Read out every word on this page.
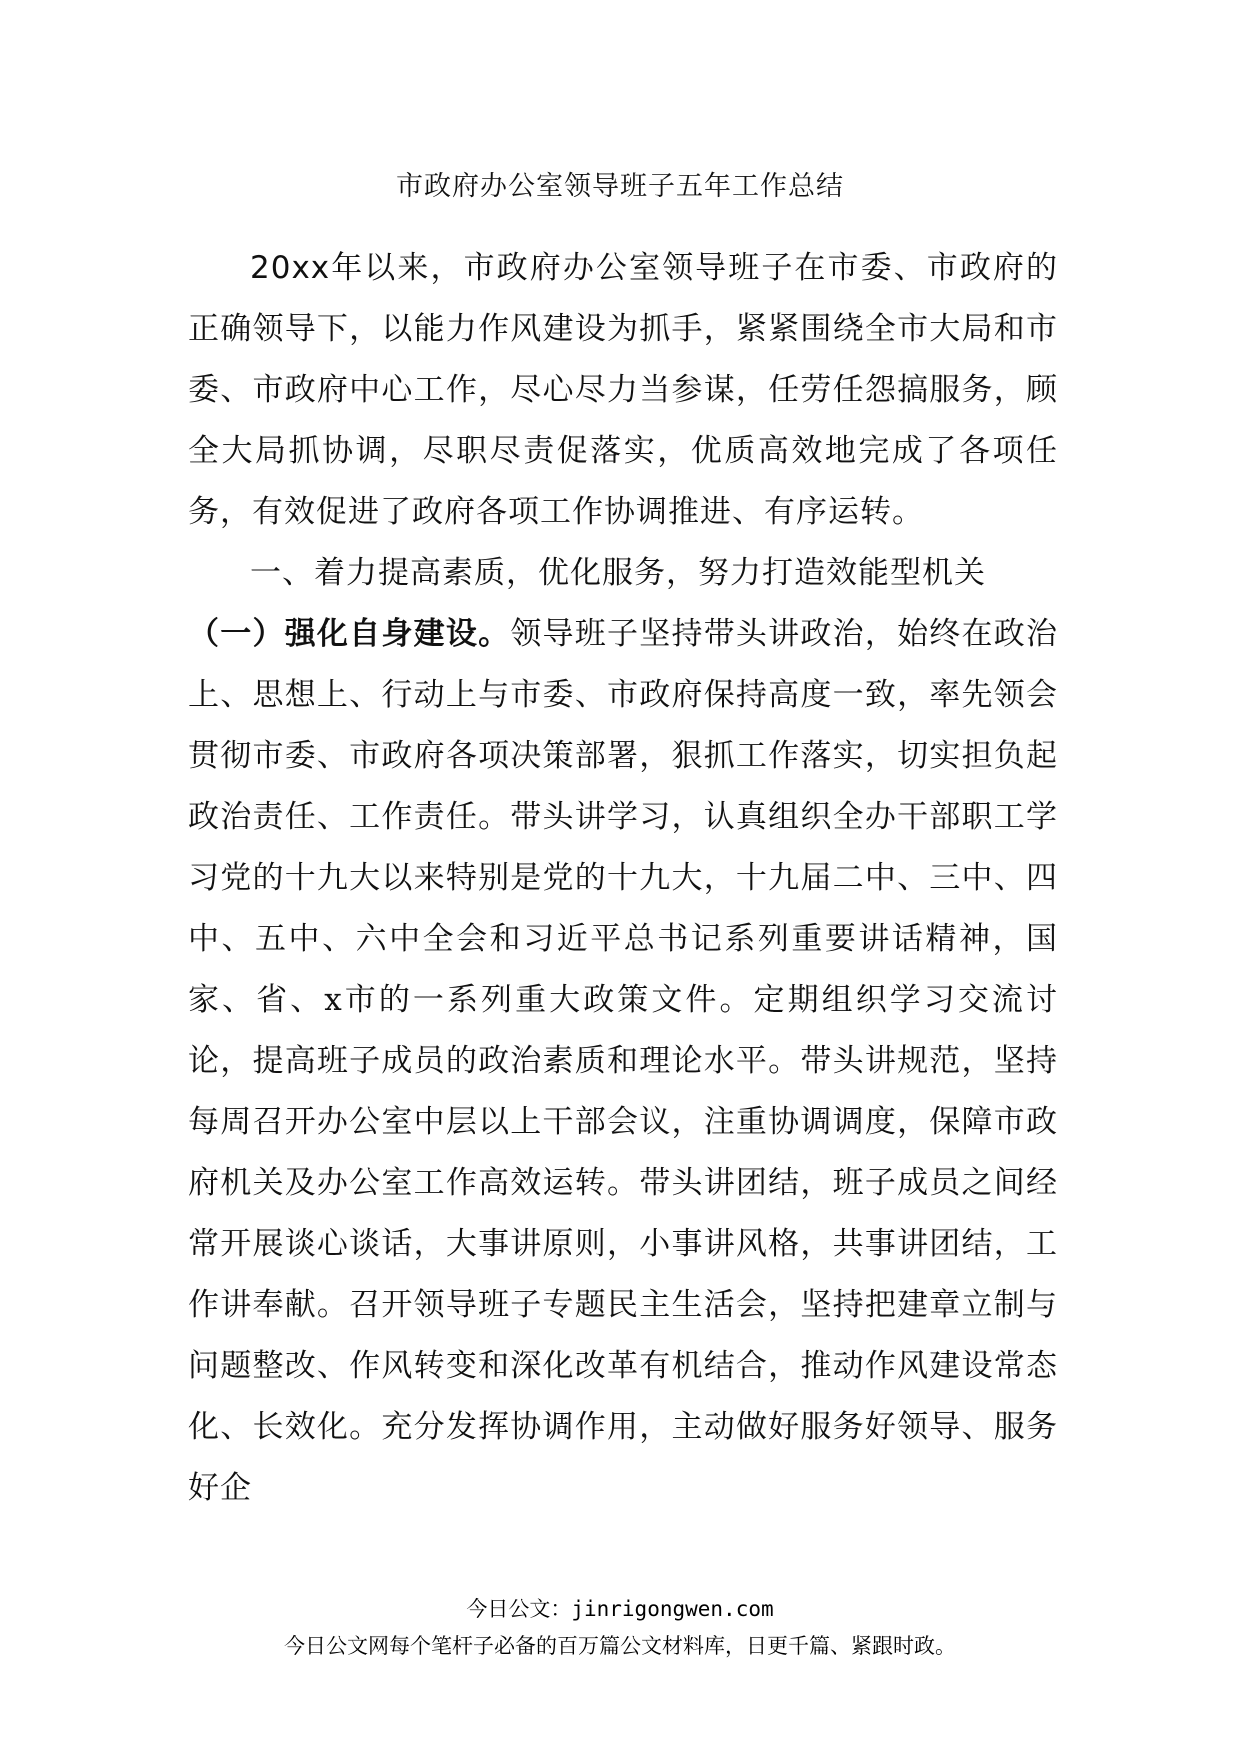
市政府办公室领导班子五年工作总结

20xx年以来，市政府办公室领导班子在市委、市政府的正确领导下，以能力作风建设为抓手，紧紧围绕全市大局和市委、市政府中心工作，尽心尽力当参谋，任劳任怨搞服务，顾全大局抓协调，尽职尽责促落实，优质高效地完成了各项任务，有效促进了政府各项工作协调推进、有序运转。

一、着力提高素质，优化服务，努力打造效能型机关

（一）强化自身建设。领导班子坚持带头讲政治，始终在政治上、思想上、行动上与市委、市政府保持高度一致，率先领会贯彻市委、市政府各项决策部署，狠抓工作落实，切实担负起政治责任、工作责任。带头讲学习，认真组织全办干部职工学习党的十九大以来特别是党的十九大，十九届二中、三中、四中、五中、六中全会和习近平总书记系列重要讲话精神，国家、省、x市的一系列重大政策文件。定期组织学习交流讨论，提高班子成员的政治素质和理论水平。带头讲规范，坚持每周召开办公室中层以上干部会议，注重协调调度，保障市政府机关及办公室工作高效运转。带头讲团结，班子成员之间经常开展谈心谈话，大事讲原则，小事讲风格，共事讲团结，工作讲奉献。召开领导班子专题民主生活会，坚持把建章立制与问题整改、作风转变和深化改革有机结合，推动作风建设常态化、长效化。充分发挥协调作用，主动做好服务好领导、服务好企

今日公文：jinrigongwen.com
今日公文网每个笔杆子必备的百万篇公文材料库，日更千篇、紧跟时政。
